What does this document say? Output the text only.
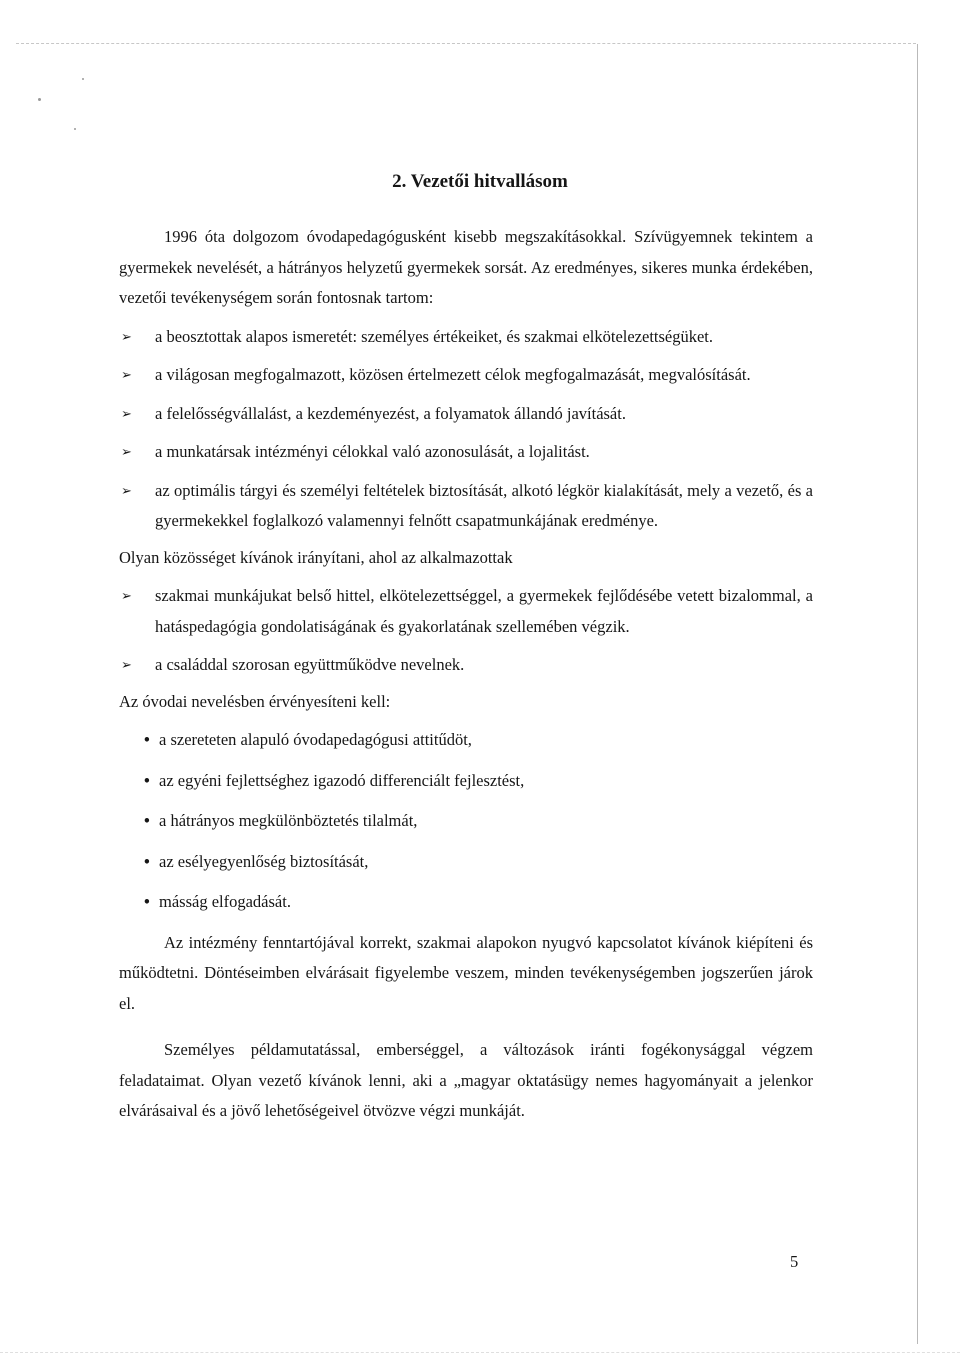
2. Vezetői hitvallásom

1996 óta dolgozom óvodapedagógusként kisebb megszakításokkal. Szívügyemnek tekintem a gyermekek nevelését, a hátrányos helyzetű gyermekek sorsát. Az eredményes, sikeres munka érdekében, vezetői tevékenységem során fontosnak tartom:

➢ a beosztottak alapos ismeretét: személyes értékeiket, és szakmai elkötelezettségüket.
➢ a világosan megfogalmazott, közösen értelmezett célok megfogalmazását, megvalósítását.
➢ a felelősségvállalást, a kezdeményezést, a folyamatok állandó javítását.
➢ a munkatársak intézményi célokkal való azonosulását, a lojalitást.
➢ az optimális tárgyi és személyi feltételek biztosítását, alkotó légkör kialakítását, mely a vezető, és a gyermekekkel foglalkozó valamennyi felnőtt csapatmunkájának eredménye.

Olyan közösséget kívánok irányítani, ahol az alkalmazottak

➢ szakmai munkájukat belső hittel, elkötelezettséggel, a gyermekek fejlődésébe vetett bizalommal, a hatáspedagógia gondolatiságának és gyakorlatának szellemében végzik.
➢ a családdal szorosan együttműködve nevelnek.

Az óvodai nevelésben érvényesíteni kell:

• a szereteten alapuló óvodapedagógusi attitűdöt,
• az egyéni fejlettséghez igazodó differenciált fejlesztést,
• a hátrányos megkülönböztetés tilalmát,
• az esélyegyenlőség biztosítását,
• másság elfogadását.

Az intézmény fenntartójával korrekt, szakmai alapokon nyugvó kapcsolatot kívánok kiépíteni és működtetni. Döntéseimben elvárásait figyelembe veszem, minden tevékenységemben jogszerűen járok el.

Személyes példamutatással, emberséggel, a változások iránti fogékonysággal végzem feladataimat. Olyan vezető kívánok lenni, aki a „magyar oktatásügy nemes hagyományait a jelenkor elvárásaival és a jövő lehetőségeivel ötvözve végzi munkáját.

5
